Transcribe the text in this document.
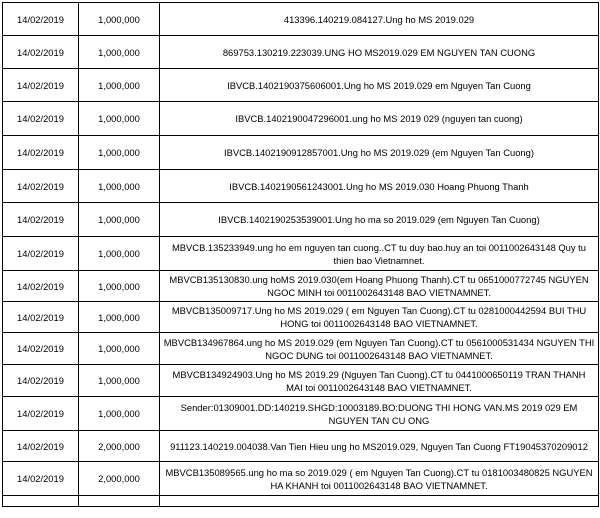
14/02/2019	1,000,000	413396.140219.084127.Ung ho MS 2019.029
14/02/2019	1,000,000	869753.130219.223039.UNG HO MS2019.029 EM NGUYEN TAN CUONG
14/02/2019	1,000,000	IBVCB.1402190375606001.Ung ho MS 2019.029 em Nguyen Tan Cuong
14/02/2019	1,000,000	IBVCB.1402190047296001.ung ho MS 2019 029 (nguyen tan cuong)
14/02/2019	1,000,000	IBVCB.1402190912857001.Ung ho MS 2019.029 (em Nguyen Tan Cuong)
14/02/2019	1,000,000	IBVCB.1402190561243001.Ung ho MS 2019.030 Hoang Phuong Thanh
14/02/2019	1,000,000	IBVCB.1402190253539001.Ung ho ma so 2019.029 (em Nguyen Tan Cuong)
14/02/2019	1,000,000	MBVCB.135233949.ung ho em nguyen tan cuong..CT tu duy bao.huy an toi 0011002643148 Quy tu thien bao Vietnamnet.
14/02/2019	1,000,000	MBVCB135130830.ung hoMS 2019.030(em Hoang Phuong Thanh).CT tu 0651000772745 NGUYEN NGOC MINH toi 0011002643148 BAO VIETNAMNET.
14/02/2019	1,000,000	MBVCB135009717.Ung ho MS 2019.029 ( em Nguyen Tan Cuong).CT tu 0281000442594 BUI THU HONG toi 0011002643148 BAO VIETNAMNET.
14/02/2019	1,000,000	MBVCB134967864.ung ho MS 2019.029 (em Nguyen Tan Cuong).CT tu 0561000531434 NGUYEN THI NGOC DUNG toi 0011002643148 BAO VIETNAMNET.
14/02/2019	1,000,000	MBVCB134924903.Ung ho MS 2019.29 (Nguyen Tan Cuong).CT tu 0441000650119 TRAN THANH MAI toi 0011002643148 BAO VIETNAMNET.
14/02/2019	1,000,000	Sender:01309001.DD:140219.SHGD:10003189.BO:DUONG THI HONG VAN.MS 2019 029 EM NGUYEN TAN CU ONG
14/02/2019	2,000,000	911123.140219.004038.Van Tien Hieu ung ho MS2019.029, Nguyen Tan Cuong FT19045370209012
14/02/2019	2,000,000	MBVCB135089565.ung ho ma so 2019.029 ( em Nguyen Tan Cuong).CT tu 0181003480825 NGUYEN HA KHANH toi 0011002643148 BAO VIETNAMNET.
